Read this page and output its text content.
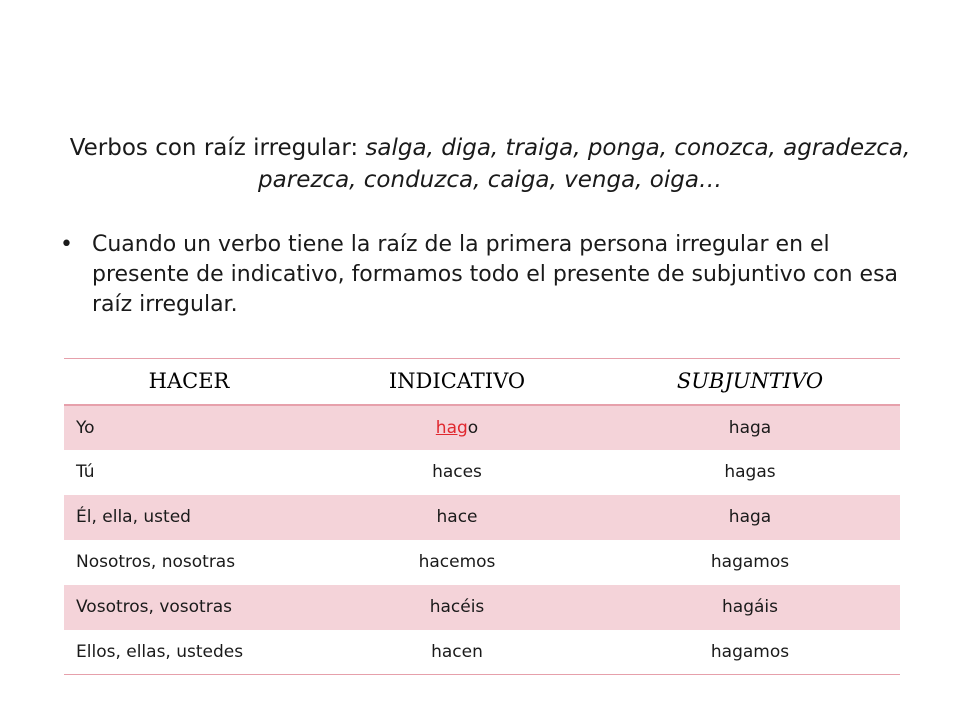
Verbos con raíz irregular: salga, diga, traiga, ponga, conozca, agradezca, parezca, conduzca, caiga, venga, oiga…
• Cuando un verbo tiene la raíz de la primera persona irregular en el presente de indicativo, formamos todo el presente de subjuntivo con esa raíz irregular.
HACER	INDICATIVO	SUBJUNTIVO
Yo	hago	haga
Tú	haces	hagas
Él, ella, usted	hace	haga
Nosotros, nosotras	hacemos	hagamos
Vosotros, vosotras	hacéis	hagáis
Ellos, ellas, ustedes	hacen	hagamos
